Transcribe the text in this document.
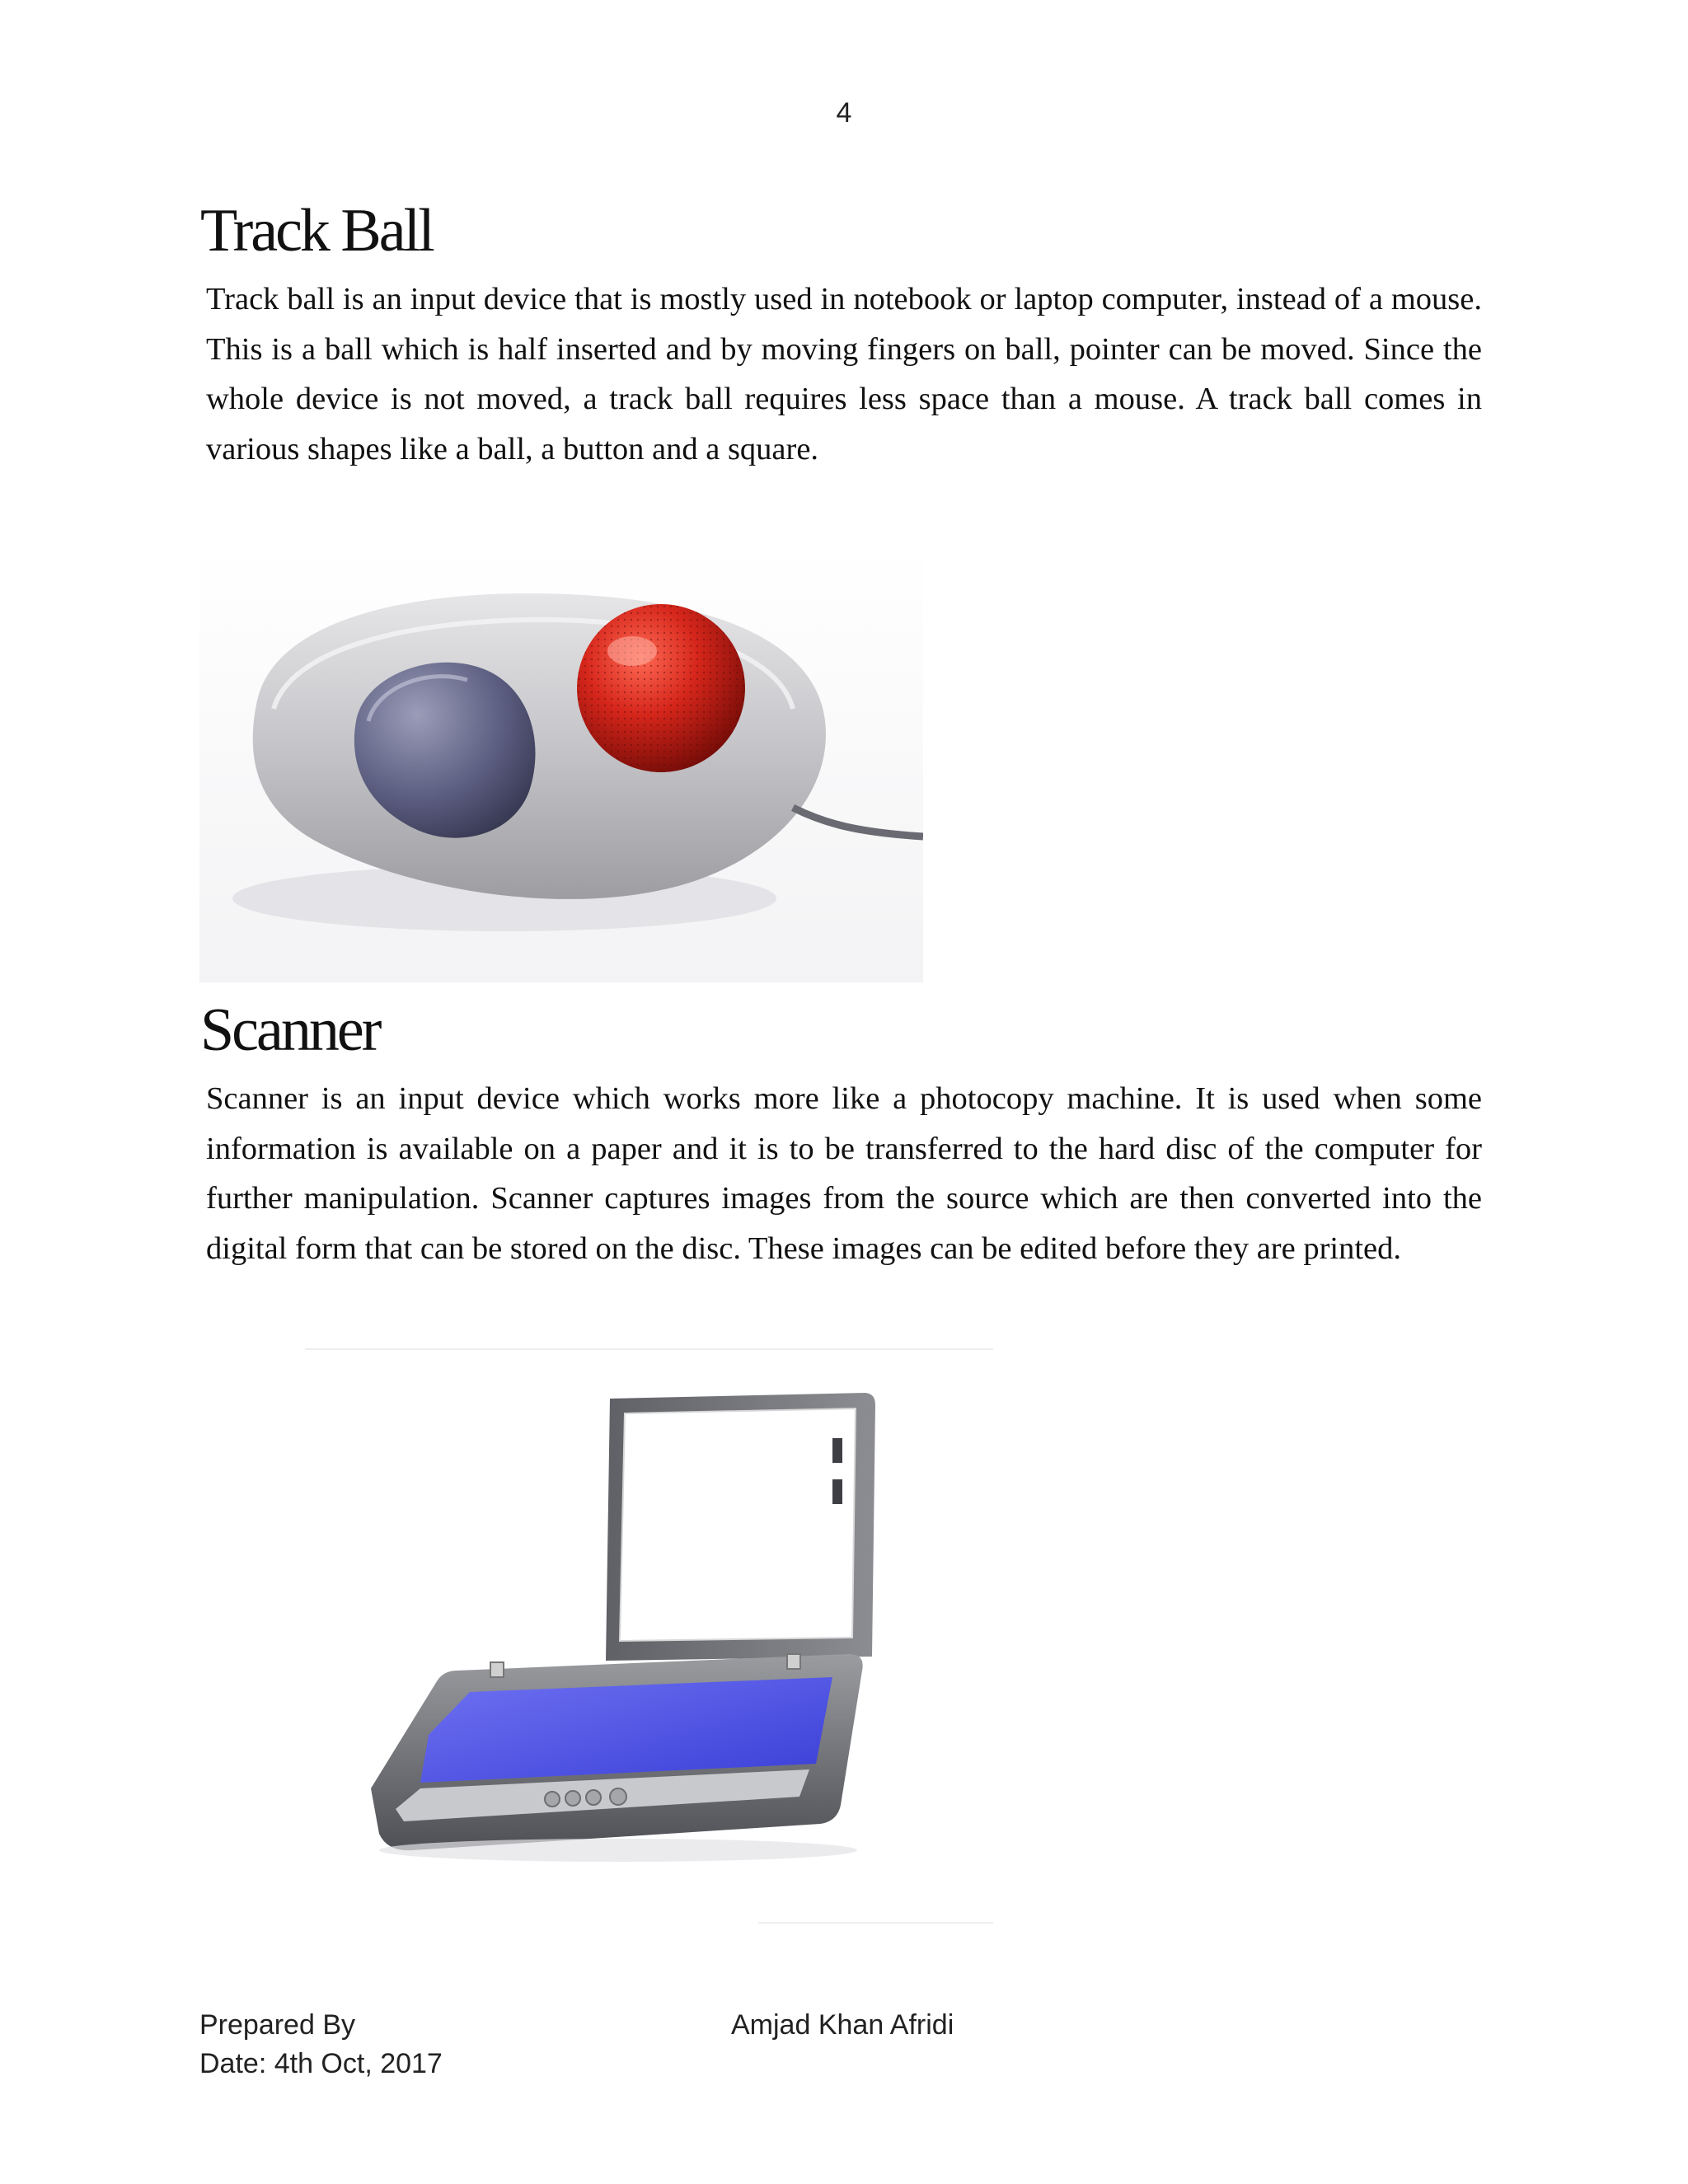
4
Track Ball

Track ball is an input device that is mostly used in notebook or laptop computer, instead of a mouse. This is a ball which is half inserted and by moving fingers on ball, pointer can be moved. Since the whole device is not moved, a track ball requires less space than a mouse. A track ball comes in various shapes like a ball, a button and a square.

Scanner

Scanner is an input device which works more like a photocopy machine. It is used when some information is available on a paper and it is to be transferred to the hard disc of the computer for further manipulation. Scanner captures images from the source which are then converted into the digital form that can be stored on the disc. These images can be edited before they are printed.

Prepared By	Amjad Khan Afridi
Date: 4th Oct, 2017
